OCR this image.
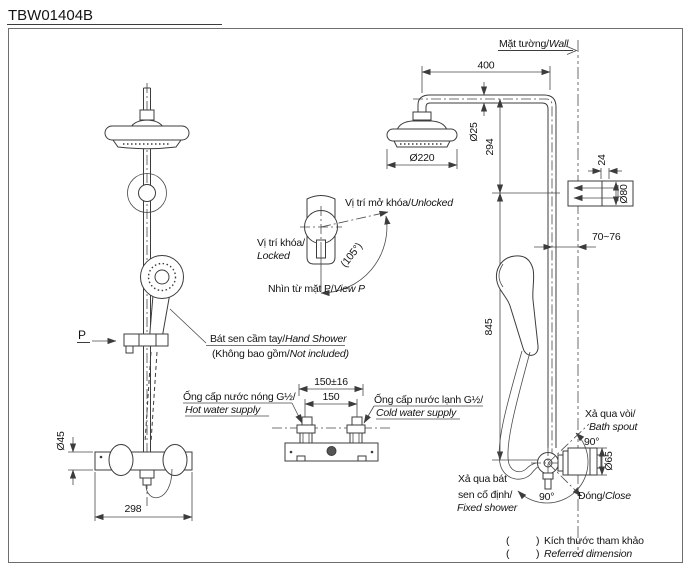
TBW01404B
Ø45
298
P	Bát sen cầm tay/Hand Shower
(Không bao gồm/Not included)
(105°)
Vị trí mở khóa/Unlocked
Vị trí khóa/
Locked
Nhìn từ mặt P/View P
150
150±16
Ống cấp nước nóng G½/
Hot water supply
Ống cấp nước lạnh G½/
Cold water supply
Mặt tường/Wall
Ø220
400
Ø25
294
845
24
Ø80
70~76
Ø65
Xả qua vòi/
Bath spout
90°
Đóng/Close
90°
Xả qua bát
sen cố định/
Fixed shower
(	) Kích thước tham khảo
(	) Referred dimension
